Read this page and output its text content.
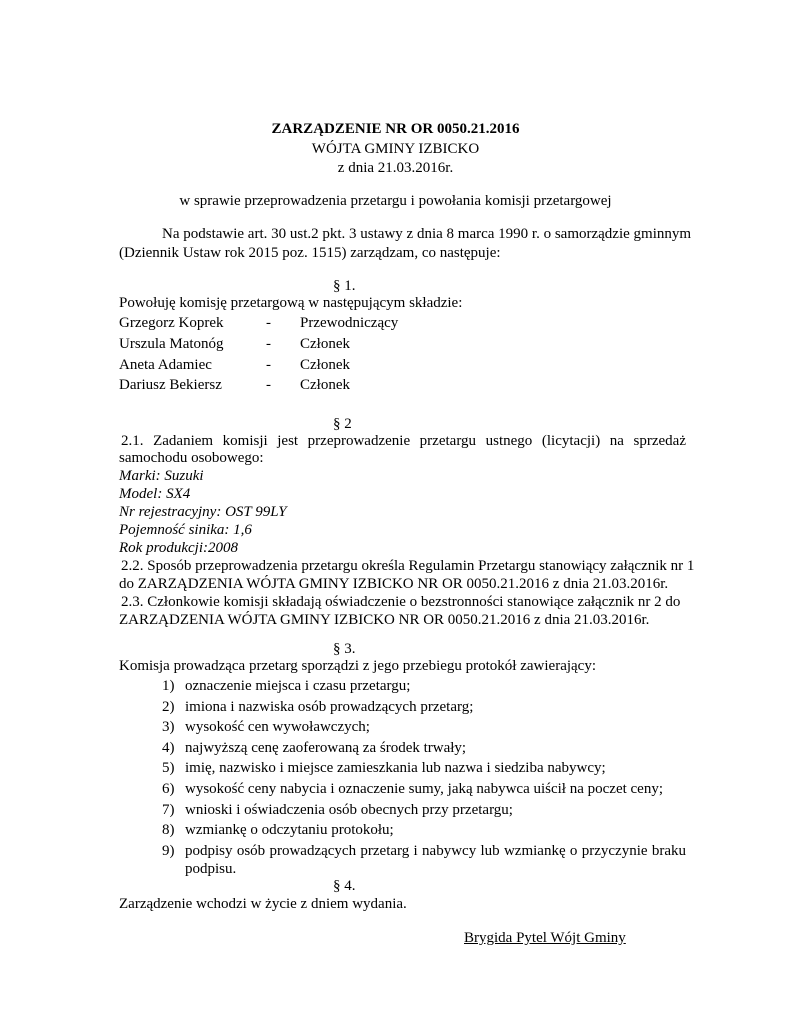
ZARZĄDZENIE NR OR 0050.21.2016
WÓJTA GMINY IZBICKO
z dnia 21.03.2016r.
w sprawie przeprowadzenia przetargu i powołania komisji przetargowej
Na podstawie art. 30 ust.2 pkt. 3 ustawy z dnia 8 marca 1990 r. o samorządzie gminnym
(Dziennik Ustaw rok 2015 poz. 1515) zarządzam, co następuje:
§ 1.
Powołuję komisję przetargową w następującym składzie:
Grzegorz Koprek	- Przewodniczący
Urszula Matonóg	- Członek
Aneta Adamiec	- Członek
Dariusz Bekiersz	- Członek
§ 2
2.1. Zadaniem komisji jest przeprowadzenie przetargu ustnego (licytacji) na sprzedaż
samochodu osobowego:
Marki: Suzuki
Model: SX4
Nr rejestracyjny: OST 99LY
Pojemność sinika: 1,6
Rok produkcji:2008
2.2. Sposób przeprowadzenia przetargu określa Regulamin Przetargu stanowiący załącznik nr 1
do ZARZĄDZENIA WÓJTA GMINY IZBICKO NR OR 0050.21.2016 z dnia 21.03.2016r.
2.3. Członkowie komisji składają oświadczenie o bezstronności stanowiące załącznik nr 2 do
ZARZĄDZENIA WÓJTA GMINY IZBICKO NR OR 0050.21.2016 z dnia 21.03.2016r.
§ 3.
Komisja prowadząca przetarg sporządzi z jego przebiegu protokół zawierający:
1) oznaczenie miejsca i czasu przetargu;
2) imiona i nazwiska osób prowadzących przetarg;
3) wysokość cen wywoławczych;
4) najwyższą cenę zaoferowaną za środek trwały;
5) imię, nazwisko i miejsce zamieszkania lub nazwa i siedziba nabywcy;
6) wysokość ceny nabycia i oznaczenie sumy, jaką nabywca uiścił na poczet ceny;
7) wnioski i oświadczenia osób obecnych przy przetargu;
8) wzmiankę o odczytaniu protokołu;
9) podpisy osób prowadzących przetarg i nabywcy lub wzmiankę o przyczynie braku
podpisu.
§ 4.
Zarządzenie wchodzi w życie z dniem wydania.
Brygida Pytel Wójt Gminy
